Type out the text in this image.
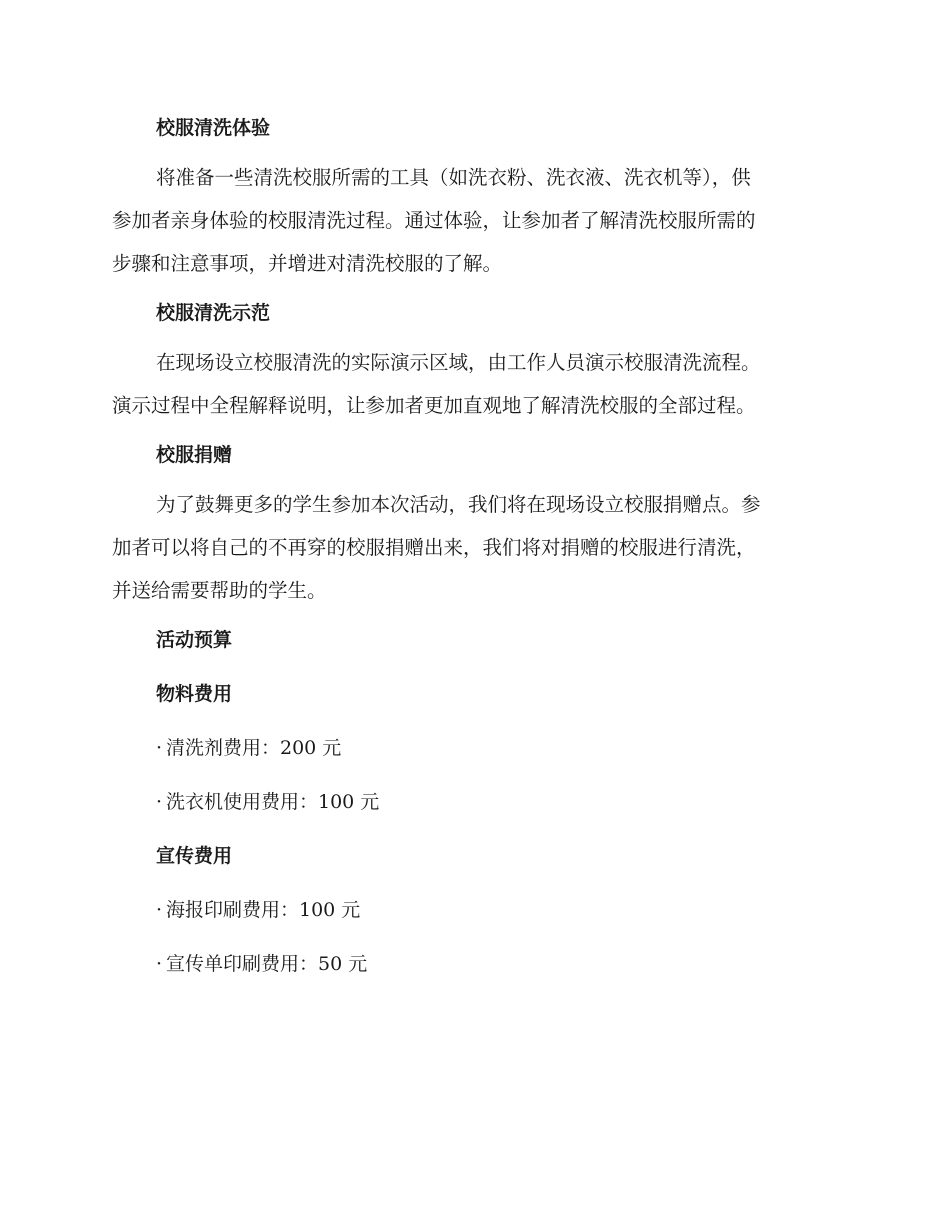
校服清洗体验
将准备一些清洗校服所需的工具（如洗衣粉、洗衣液、洗衣机等），供
参加者亲身体验的校服清洗过程。通过体验，让参加者了解清洗校服所需的
步骤和注意事项，并增进对清洗校服的了解。
校服清洗示范
在现场设立校服清洗的实际演示区域，由工作人员演示校服清洗流程。
演示过程中全程解释说明，让参加者更加直观地了解清洗校服的全部过程。
校服捐赠
为了鼓舞更多的学生参加本次活动，我们将在现场设立校服捐赠点。参
加者可以将自己的不再穿的校服捐赠出来，我们将对捐赠的校服进行清洗，
并送给需要帮助的学生。
活动预算
物料费用
· 清洗剂费用：200 元
· 洗衣机使用费用：100 元
宣传费用
· 海报印刷费用：100 元
· 宣传单印刷费用：50 元
